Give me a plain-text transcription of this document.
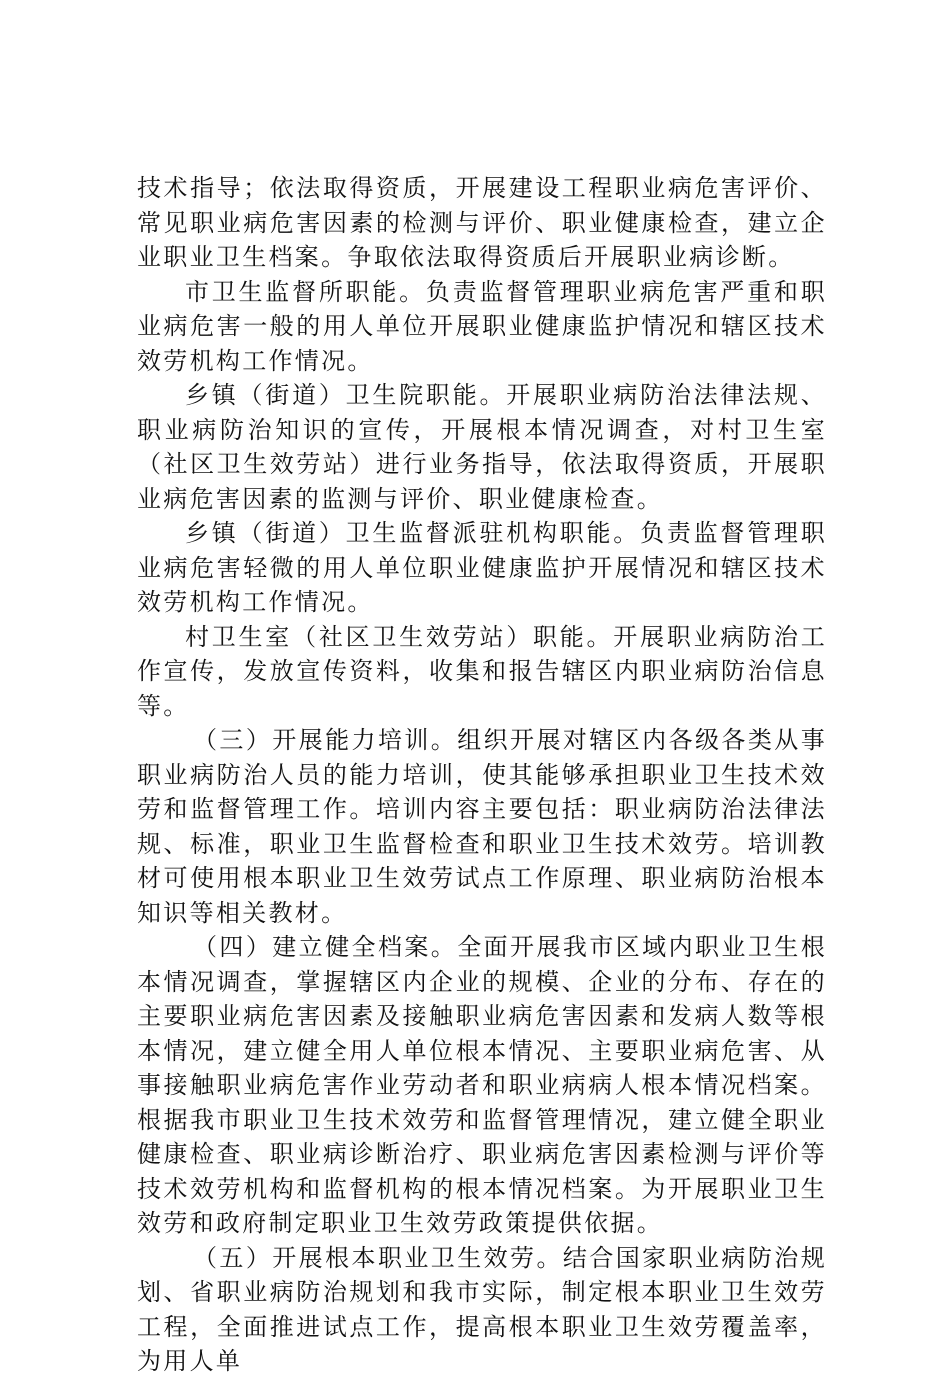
技术指导；依法取得资质，开展建设工程职业病危害评价、常见职业病危害因素的检测与评价、职业健康检查，建立企业职业卫生档案。争取依法取得资质后开展职业病诊断。

市卫生监督所职能。负责监督管理职业病危害严重和职业病危害一般的用人单位开展职业健康监护情况和辖区技术效劳机构工作情况。

乡镇（街道）卫生院职能。开展职业病防治法律法规、职业病防治知识的宣传，开展根本情况调查，对村卫生室（社区卫生效劳站）进行业务指导，依法取得资质，开展职业病危害因素的监测与评价、职业健康检查。

乡镇（街道）卫生监督派驻机构职能。负责监督管理职业病危害轻微的用人单位职业健康监护开展情况和辖区技术效劳机构工作情况。

村卫生室（社区卫生效劳站）职能。开展职业病防治工作宣传，发放宣传资料，收集和报告辖区内职业病防治信息等。

（三）开展能力培训。组织开展对辖区内各级各类从事职业病防治人员的能力培训，使其能够承担职业卫生技术效劳和监督管理工作。培训内容主要包括：职业病防治法律法规、标准，职业卫生监督检查和职业卫生技术效劳。培训教材可使用根本职业卫生效劳试点工作原理、职业病防治根本知识等相关教材。

（四）建立健全档案。全面开展我市区域内职业卫生根本情况调查，掌握辖区内企业的规模、企业的分布、存在的主要职业病危害因素及接触职业病危害因素和发病人数等根本情况，建立健全用人单位根本情况、主要职业病危害、从事接触职业病危害作业劳动者和职业病病人根本情况档案。根据我市职业卫生技术效劳和监督管理情况，建立健全职业健康检查、职业病诊断治疗、职业病危害因素检测与评价等技术效劳机构和监督机构的根本情况档案。为开展职业卫生效劳和政府制定职业卫生效劳政策提供依据。

（五）开展根本职业卫生效劳。结合国家职业病防治规划、省职业病防治规划和我市实际，制定根本职业卫生效劳工程，全面推进试点工作，提高根本职业卫生效劳覆盖率，为用人单
